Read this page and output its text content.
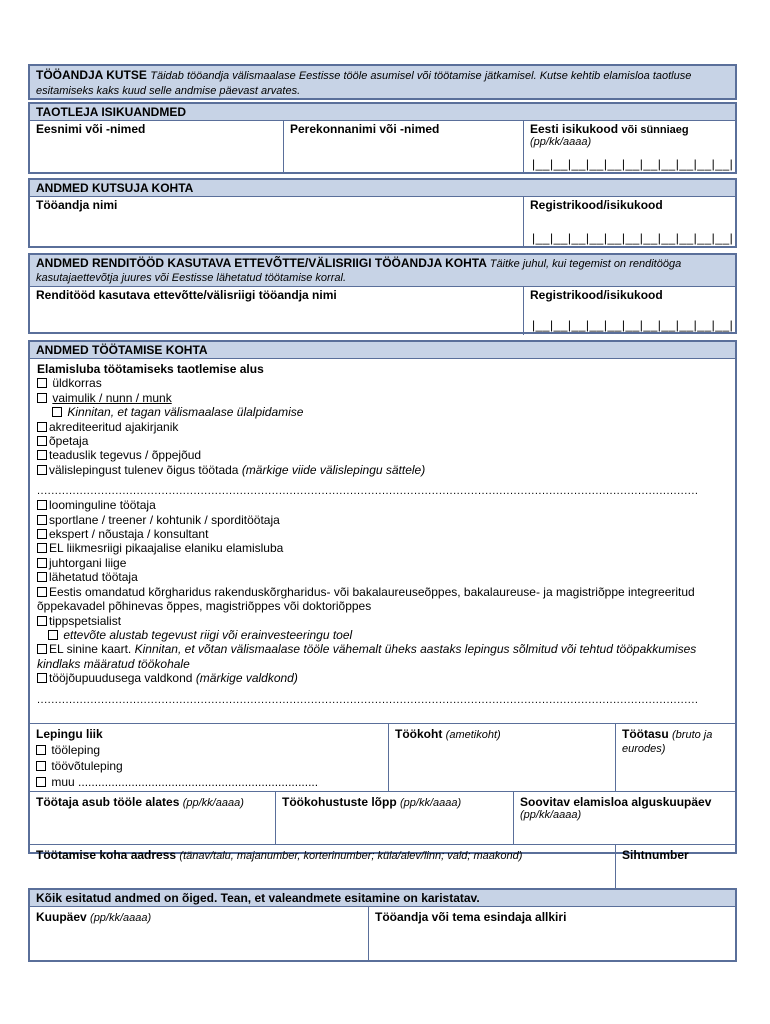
TÖÖANDJA KUTSE Täidab tööandja välismaalase Eestisse tööle asumisel või töötamise jätkamisel. Kutse kehtib elamisloa taotluse esitamiseks kaks kuud selle andmise päevast arvates.
TAOTLEJA ISIKUANDMED
Eesnimi või -nimed	Perekonnanimi või -nimed	Eesti isikukood või sünniaeg
(pp/kk/aaaa)
|__|__|__|__|__|__|__|__|__|__|__|
ANDMED KUTSUJA KOHTA
Tööandja nimi	Registrikood/isikukood
|__|__|__|__|__|__|__|__|__|__|__|
ANDMED RENDITÖÖD KASUTAVA ETTEVÕTTE/VÄLISRIIGI TÖÖANDJA KOHTA Täitke juhul, kui tegemist on renditööga kasutajaettevõtja juures või Eestisse lähetatud töötamise korral.
Renditööd kasutava ettevõtte/välisriigi tööandja nimi	Registrikood/isikukood
|__|__|__|__|__|__|__|__|__|__|__|
ANDMED TÖÖTAMISE KOHTA
Elamisluba töötamiseks taotlemise alus
üldkorras
vaimulik / nunn / munk
Kinnitan, et tagan välismaalase ülalpidamise
akrediteeritud ajakirjanik
õpetaja
teaduslik tegevus / õppejõud
välislepingust tulenev õigus töötada (märkige viide välislepingu sättele)
..........................................................................................................................................................................................
loominguline töötaja
sportlane / treener / kohtunik / sporditöötaja
ekspert / nõustaja / konsultant
EL liikmesriigi pikaajalise elaniku elamisluba
juhtorgani liige
lähetatud töötaja
Eestis omandatud kõrgharidus rakenduskõrgharidus- või bakalaureuseõppes, bakalaureuse- ja magistriõppe integreeritud õppekavadel põhinevas õppes, magistriõppes või doktoriõppes
tippspetsialist
ettevõte alustab tegevust riigi või erainvesteeringu toel
EL sinine kaart. Kinnitan, et võtan välismaalase tööle vähemalt üheks aastaks lepingus sõlmitud või tehtud tööpakkumises kindlaks määratud töökohale
tööjõupuudusega valdkond (märkige valdkond)
..........................................................................................................................................................................................
Lepingu liik
tööleping
töövõtuleping
muu ........................................................................
Töökoht (ametikoht)	Töötasu (bruto ja eurodes)
Töötaja asub tööle alates (pp/kk/aaaa)	Töökohustuste lõpp (pp/kk/aaaa)	Soovitav elamisloa alguskuupäev
(pp/kk/aaaa)
Töötamise koha aadress (tänav/talu, majanumber, korterinumber; küla/alev/linn; vald; maakond)	Sihtnumber
Kõik esitatud andmed on õiged. Tean, et valeandmete esitamine on karistatav.
Kuupäev (pp/kk/aaaa)	Tööandja või tema esindaja allkiri
